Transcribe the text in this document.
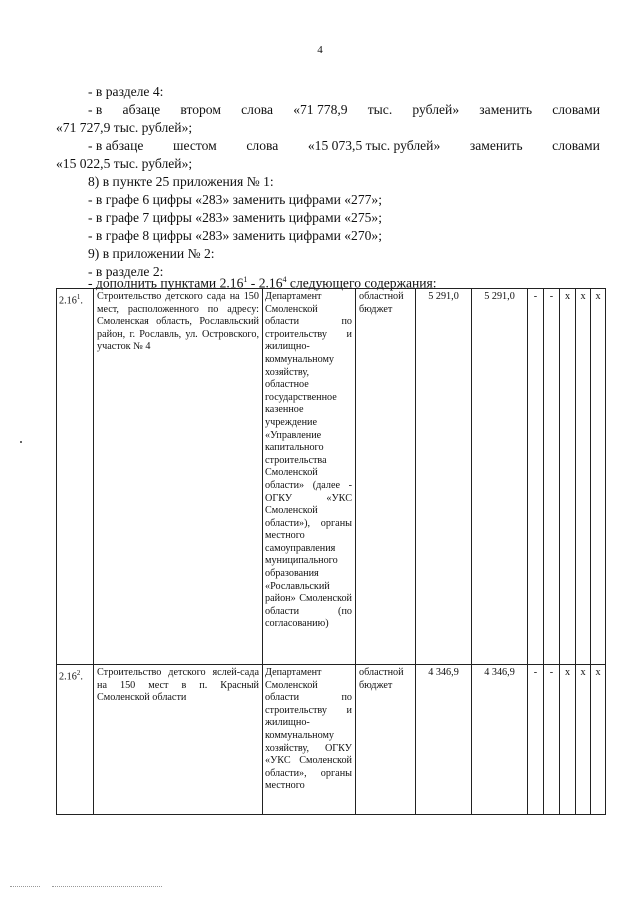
4
- в разделе 4:
- в абзаце втором слова «71 778,9 тыс. рублей» заменить словами
«71 727,9 тыс. рублей»;
- в абзаце шестом слова «15 073,5 тыс. рублей» заменить словами
«15 022,5 тыс. рублей»;
8) в пункте 25 приложения № 1:
- в графе 6 цифры «283» заменить цифрами «277»;
- в графе 7 цифры «283» заменить цифрами «275»;
- в графе 8 цифры «283» заменить цифрами «270»;
9) в приложении № 2:
- в разделе 2:
- дополнить пунктами 2.16$^1$ - 2.16$^4$ следующего содержания:
2.16$^1$.	Строительство детского сада на 150 мест, расположенного по адресу: Смоленская область, Рославльский район, г. Рославль, ул. Островского, участок № 4	Департамент Смоленской области по строительству и жилищно-коммунальному хозяйству, областное государственное казенное учреждение «Управление капитального строительства Смоленской области» (далее - ОГКУ «УКС Смоленской области»), органы местного самоуправления муниципального образования «Рославльский район» Смоленской области (по согласованию)	областной бюджет	5 291,0	5 291,0	-	-	x	x	x
2.16$^2$.	Строительство детского яслей-сада на 150 мест в п. Красный Смоленской области	Департамент Смоленской области по строительству и жилищно-коммунальному хозяйству, ОГКУ «УКС Смоленской области», органы местного	областной бюджет	4 346,9	4 346,9	-	-	x	x	x
